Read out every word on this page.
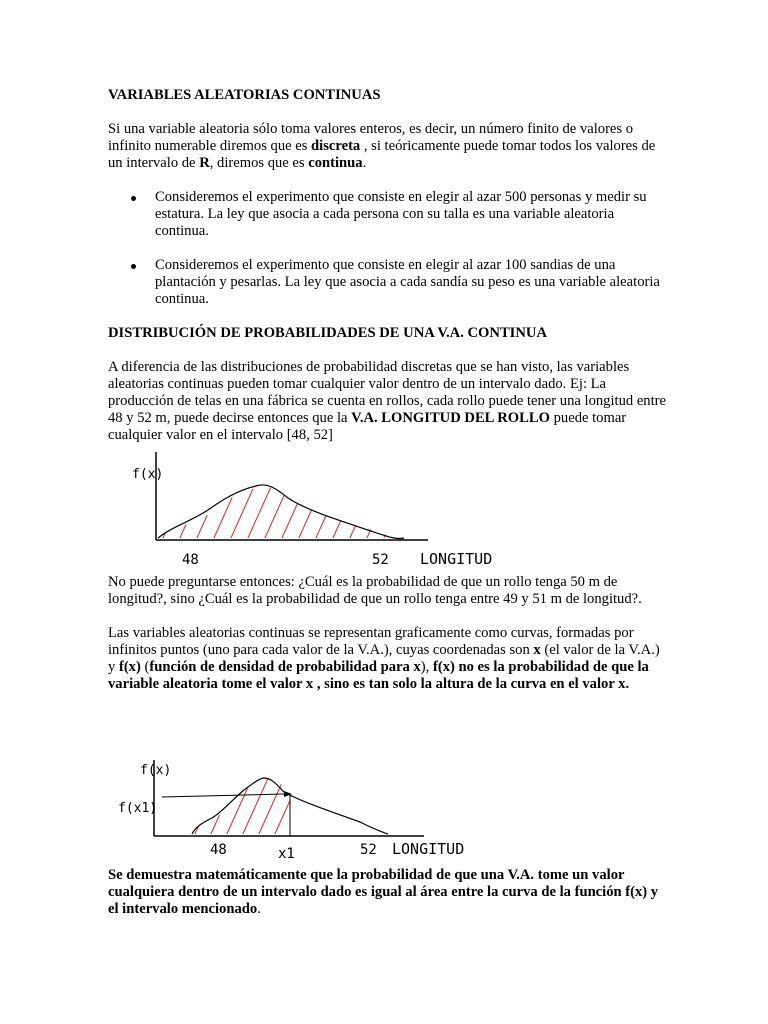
VARIABLES ALEATORIAS CONTINUAS

Si una variable aleatoria sólo toma valores enteros, es decir, un número finito de valores o infinito numerable diremos que es discreta , si teóricamente puede tomar todos los valores de un intervalo de R, diremos que es continua.

Consideremos el experimento que consiste en elegir al azar 500 personas y medir su estatura. La ley que asocia a cada persona con su talla es una variable aleatoria continua.
Consideremos el experimento que consiste en elegir al azar 100 sandias de una plantación y pesarlas. La ley que asocia a cada sandía su peso es una variable aleatoria continua.

DISTRIBUCIÓN DE PROBABILIDADES DE UNA V.A. CONTINUA

A diferencia de las distribuciones de probabilidad discretas que se han visto, las variables aleatorias continuas pueden tomar cualquier valor dentro de un intervalo dado. Ej: La producción de telas en una fábrica se cuenta en rollos, cada rollo puede tener una longitud entre 48 y 52 m, puede decirse entonces que la V.A. LONGITUD DEL ROLLO puede tomar cualquier valor en el intervalo [48, 52]

f(x)
48	52 LONGITUD

No puede preguntarse entonces: ¿Cuál es la probabilidad de que un rollo tenga 50 m de longitud?, sino ¿Cuál es la probabilidad de que un rollo tenga entre 49 y 51 m de longitud?.

Las variables aleatorias continuas se representan graficamente como curvas, formadas por infinitos puntos (uno para cada valor de la V.A.), cuyas coordenadas son x (el valor de la V.A.) y f(x) (función de densidad de probabilidad para x), f(x) no es la probabilidad de que la variable aleatoria tome el valor x , sino es tan solo la altura de la curva en el valor x.

f(x)
f(x1)
48	x1	52 LONGITUD

Se demuestra matemáticamente que la probabilidad de que una V.A. tome un valor cualquiera dentro de un intervalo dado es igual al área entre la curva de la función f(x) y el intervalo mencionado.
